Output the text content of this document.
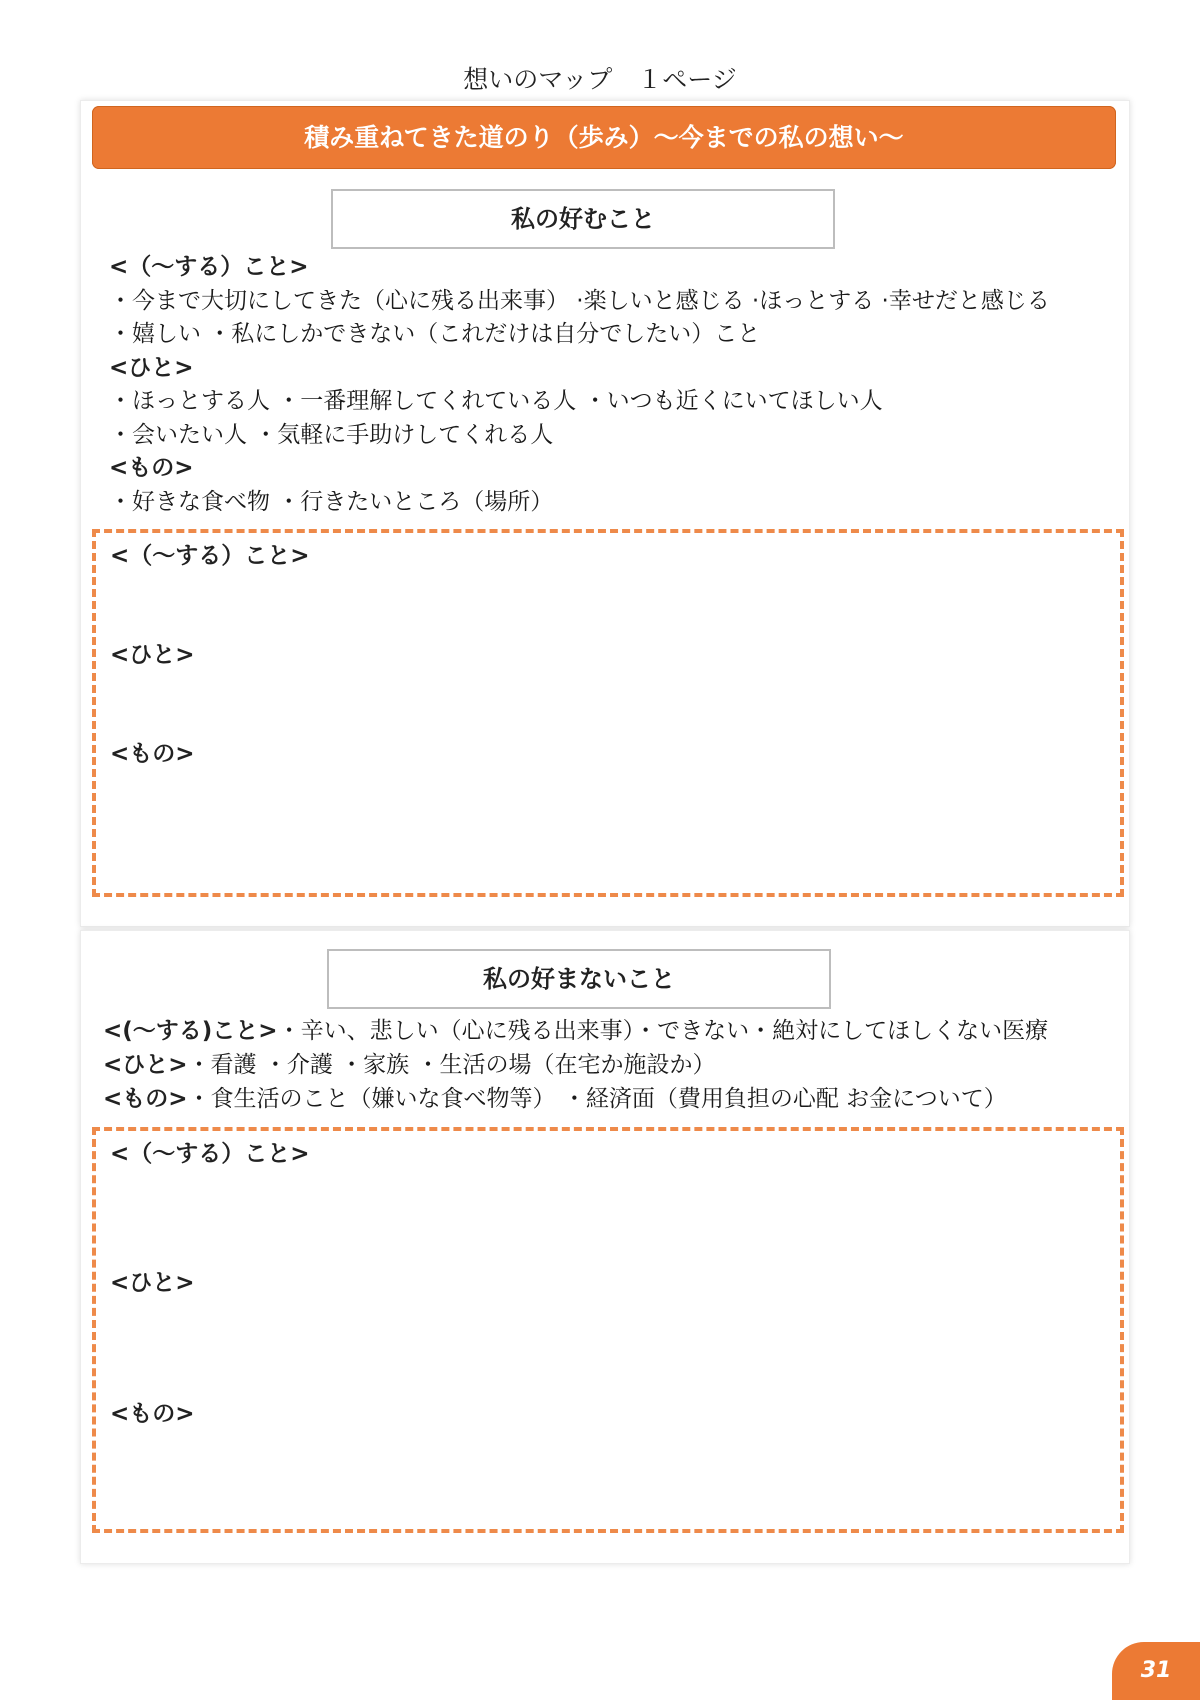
想いのマップ　１ページ
積み重ねてきた道のり（歩み）～今までの私の想い～
私の好むこと
<（～する）こと>
・今まで大切にしてきた（心に残る出来事） ·楽しいと感じる ·ほっとする ·幸せだと感じる
・嬉しい ・私にしかできない（これだけは自分でしたい）こと
<ひと>
・ほっとする人 ・一番理解してくれている人 ・いつも近くにいてほしい人
・会いたい人 ・気軽に手助けしてくれる人
<もの>
・好きな食べ物 ・行きたいところ（場所）
<（～する）こと>
<ひと>
<もの>
私の好まないこと
<(～する)こと>・辛い、悲しい（心に残る出来事）・できない・絶対にしてほしくない医療
<ひと>・看護 ・介護 ・家族 ・生活の場（在宅か施設か）
<もの>・食生活のこと（嫌いな食べ物等） ・経済面（費用負担の心配 お金について）
<（～する）こと>
<ひと>
<もの>
31
